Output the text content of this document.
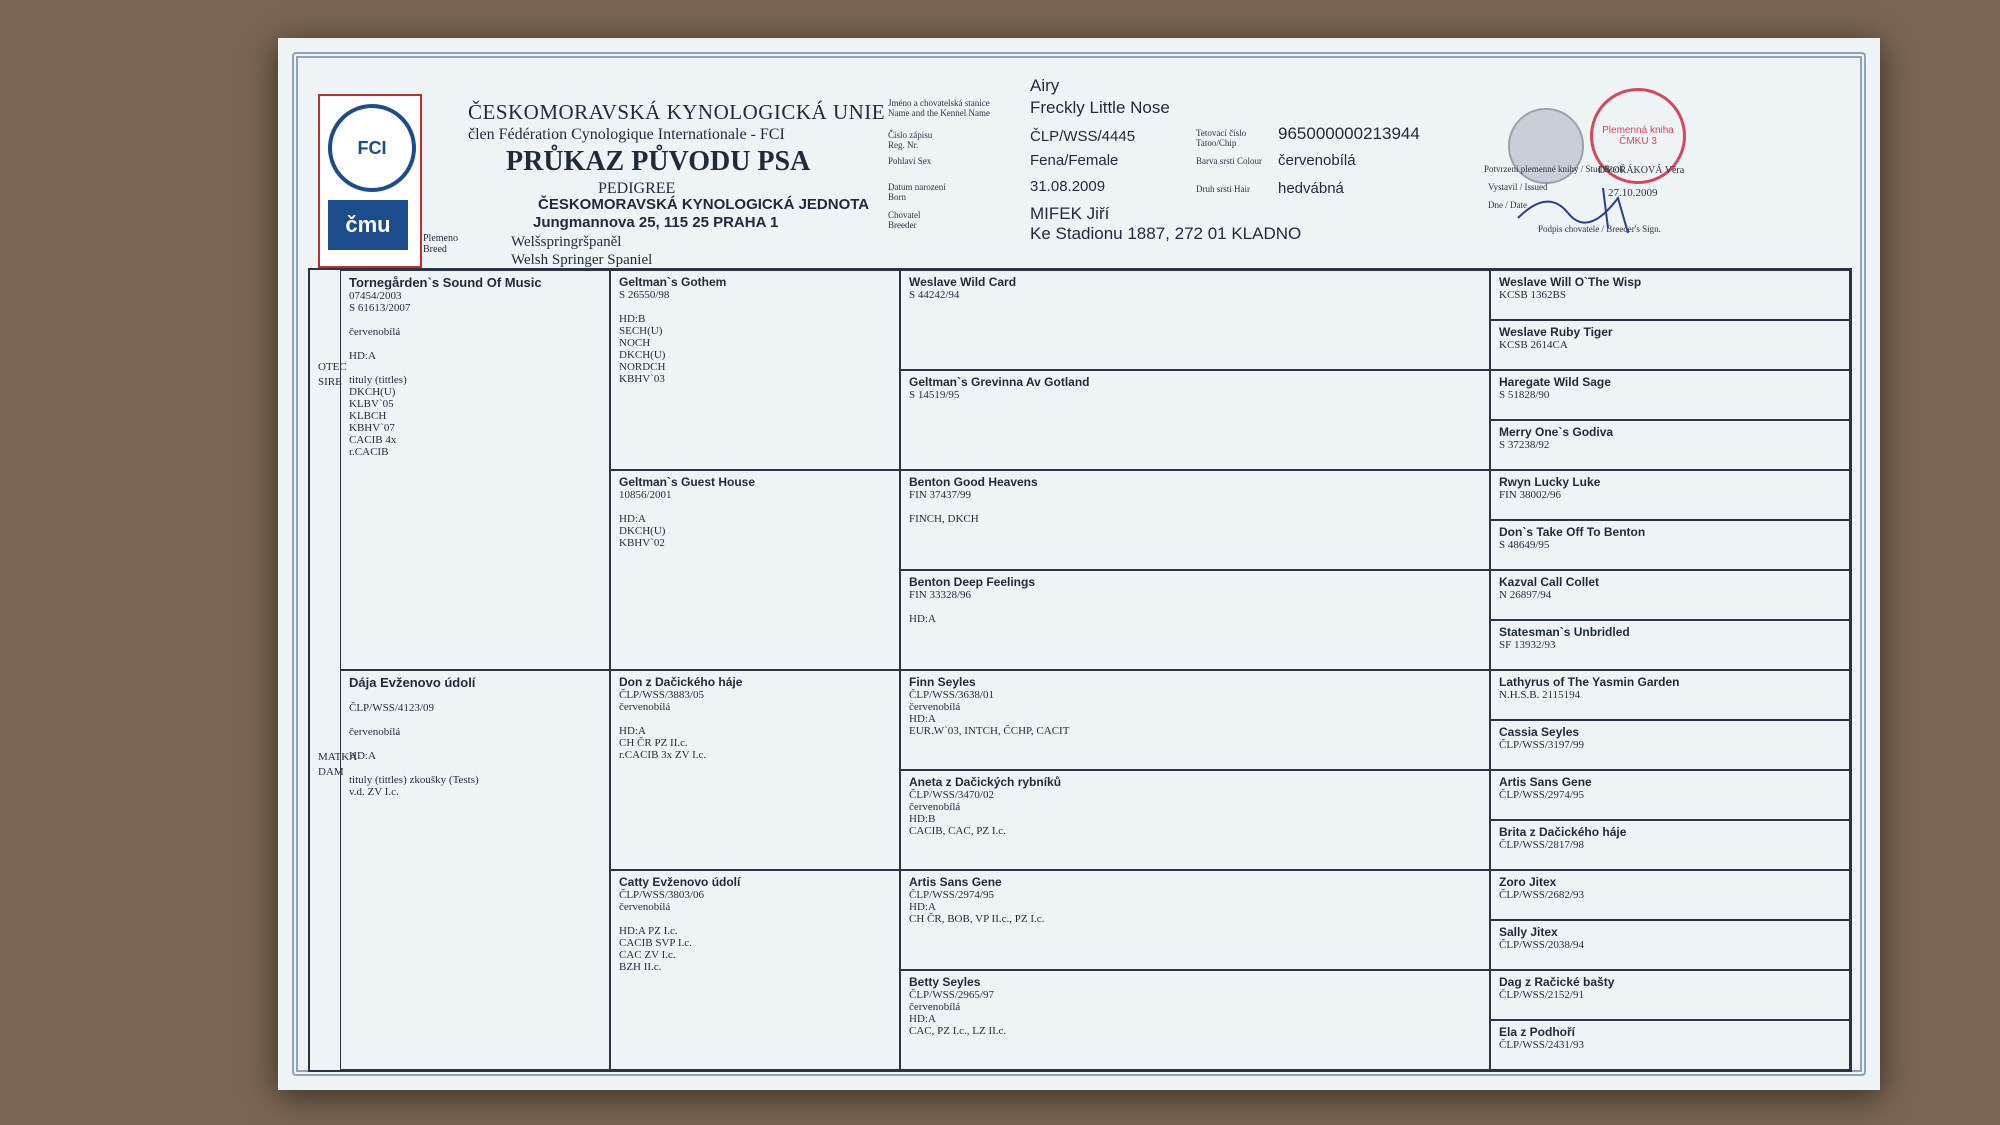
FCI
čmu
ČESKOMORAVSKÁ KYNOLOGICKÁ UNIE
člen Fédération Cynologique Internationale - FCI
PRŮKAZ PŮVODU PSA
PEDIGREE
ČESKOMORAVSKÁ KYNOLOGICKÁ JEDNOTA
Jungmannova 25, 115 25 PRAHA 1
Plemeno Breed	Welšspringršpaněl
Welsh Springer Spaniel
Jméno a chovatelská stanice Name and the Kennel Name
Airy
Freckly Little Nose
Číslo zápisu Reg. Nr.	ČLP/WSS/4445
Pohlaví Sex	Fena/Female
Datum narození Born
31.08.2009
Chovatel Breeder
MIFEK Jiří
Ke Stadionu 1887, 272 01 KLADNO
Tetovací číslo Tatoo/Chip	965000000213944
Barva srsti Colour červenobílá
Druh srsti Hair	hedvábná
Plemenná kniha ČMKU 3
Potvrzení plemenné knihy / Stud Book
Vystavil / Issued
DVOŘÁKOVÁ Věra
Dne / Date
27.10.2009
Podpis chovatele / Breeder's Sign.
OTEC SIRE
MATKA DAM
Tornegården`s Sound Of Music
07454/2003
S 61613/2007

červenobílá

HD:A

tituly (tittles)
DKCH(U)
KLBV`05
KLBCH
KBHV`07
CACIB 4x
r.CACIB
Dája Evženovo údolí

ČLP/WSS/4123/09

červenobílá

HD:A

tituly (tittles) zkoušky (Tests)
v.d. ZV I.c.
Geltman`s Gothem
S 26550/98

HD:B
SECH(U)
NOCH
DKCH(U)
NORDCH
KBHV`03
Geltman`s Guest House
10856/2001

HD:A
DKCH(U)
KBHV`02
Don z Dačického háje
ČLP/WSS/3883/05
červenobílá

HD:A
CH ČR PZ II.c.
r.CACIB 3x ZV I.c.
Catty Evženovo údolí
ČLP/WSS/3803/06
červenobílá

HD:A PZ I.c.
CACIB SVP I.c.
CAC ZV I.c.
BZH II.c.
Weslave Wild Card
S 44242/94
Geltman`s Grevinna Av Gotland
S 14519/95
Benton Good Heavens
FIN 37437/99

FINCH, DKCH
Benton Deep Feelings
FIN 33328/96

HD:A
Finn Seyles
ČLP/WSS/3638/01
červenobílá
HD:A
EUR.W`03, INTCH, ČCHP, CACIT
Aneta z Dačických rybníků
ČLP/WSS/3470/02
červenobílá
HD:B
CACIB, CAC, PZ I.c.
Artis Sans Gene
ČLP/WSS/2974/95
HD:A
CH ČR, BOB, VP II.c., PZ I.c.
Betty Seyles
ČLP/WSS/2965/97
červenobílá
HD:A
CAC, PZ I.c., LZ II.c.
Weslave Will O`The Wisp
KCSB 1362BS
Weslave Ruby Tiger
KCSB 2614CA
Haregate Wild Sage
S 51828/90
Merry One`s Godiva
S 37238/92
Rwyn Lucky Luke
FIN 38002/96
Don`s Take Off To Benton
S 48649/95
Kazval Call Collet
N 26897/94
Statesman`s Unbridled
SF 13932/93
Lathyrus of The Yasmin Garden
N.H.S.B. 2115194
Cassia Seyles
ČLP/WSS/3197/99
Artis Sans Gene
ČLP/WSS/2974/95
Brita z Dačického háje
ČLP/WSS/2817/98
Zoro Jitex
ČLP/WSS/2682/93
Sally Jitex
ČLP/WSS/2038/94
Dag z Račické bašty
ČLP/WSS/2152/91
Ela z Podhoří
ČLP/WSS/2431/93
